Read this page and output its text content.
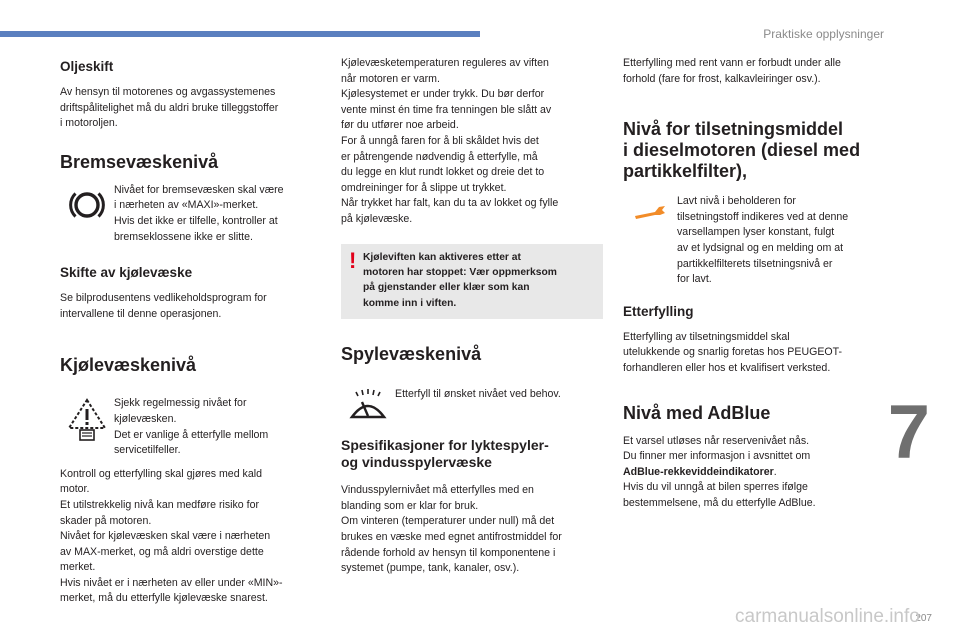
Praktiske opplysninger
7
207
carmanualsonline.info
Oljeskift

Av hensyn til motorenes og avgassystemenes
driftspålitelighet må du aldri bruke tilleggstoffer
i motoroljen.

Bremsevæskenivå

Nivået for bremsevæsken skal være
i nærheten av «MAXI»-merket.
Hvis det ikke er tilfelle, kontroller at
bremseklossene ikke er slitte.

Skifte av kjølevæske

Se bilprodusentens vedlikeholdsprogram for
intervallene til denne operasjonen.

Kjølevæskenivå

Sjekk regelmessig nivået for
kjølevæsken.
Det er vanlige å etterfylle mellom
servicetilfeller.

Kontroll og etterfylling skal gjøres med kald
motor.
Et utilstrekkelig nivå kan medføre risiko for
skader på motoren.
Nivået for kjølevæsken skal være i nærheten
av MAX-merket, og må aldri overstige dette
merket.
Hvis nivået er i nærheten av eller under «MIN»-
merket, må du etterfylle kjølevæske snarest.

Kjølevæsketemperaturen reguleres av viften
når motoren er varm.
Kjølesystemet er under trykk. Du bør derfor
vente minst én time fra tenningen ble slått av
før du utfører noe arbeid.
For å unngå faren for å bli skåldet hvis det
er påtrengende nødvendig å etterfylle, må
du legge en klut rundt lokket og dreie det to
omdreininger for å slippe ut trykket.
Når trykket har falt, kan du ta av lokket og fylle
på kjølevæske.

! Kjøleviften kan aktiveres etter at
motoren har stoppet: Vær oppmerksom
på gjenstander eller klær som kan
komme inn i viften.

Spylevæskenivå

Etterfyll til ønsket nivået ved behov.

Spesifikasjoner for lyktespyler-
og vindusspylervæske

Vindusspylernivået må etterfylles med en
blanding som er klar for bruk.
Om vinteren (temperaturer under null) må det
brukes en væske med egnet antifrostmiddel for
rådende forhold av hensyn til komponentene i
systemet (pumpe, tank, kanaler, osv.).

Etterfylling med rent vann er forbudt under alle
forhold (fare for frost, kalkavleiringer osv.).

Nivå for tilsetningsmiddel
i dieselmotoren (diesel med
partikkelfilter),

Lavt nivå i beholderen for
tilsetningstoff indikeres ved at denne
varsellampen lyser konstant, fulgt
av et lydsignal og en melding om at
partikkelfilterets tilsetningsnivå er
for lavt.

Etterfylling

Etterfylling av tilsetningsmiddel skal
utelukkende og snarlig foretas hos PEUGEOT-
forhandleren eller hos et kvalifisert verksted.

Nivå med AdBlue

Et varsel utløses når reservenivået nås.
Du finner mer informasjon i avsnittet om
AdBlue-rekkeviddeindikatorer.
Hvis du vil unngå at bilen sperres ifølge
bestemmelsene, må du etterfylle AdBlue.
